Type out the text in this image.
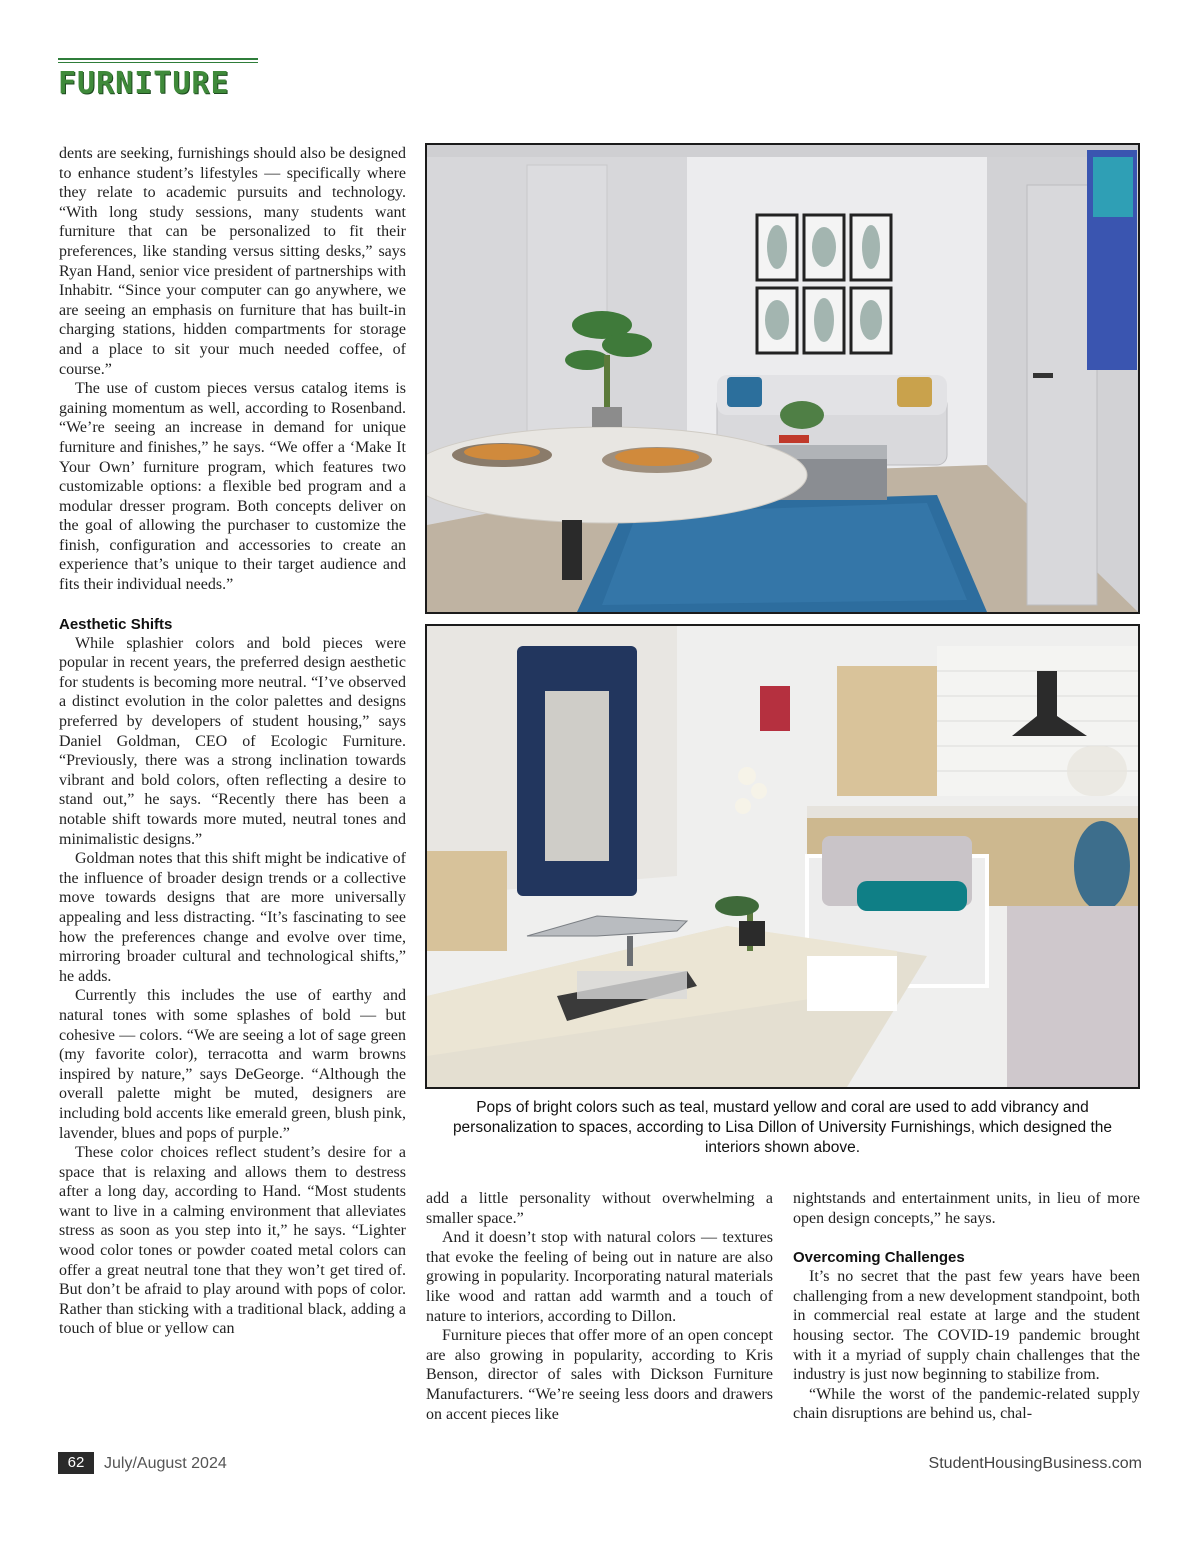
FURNITURE

dents are seeking, furnishings should also be designed to enhance student’s lifestyles — specifically where they relate to academic pursuits and technology. “With long study sessions, many students want furniture that can be personalized to fit their preferences, like standing versus sitting desks,” says Ryan Hand, senior vice president of partnerships with Inhabitr. “Since your computer can go anywhere, we are seeing an emphasis on furniture that has built-in charging stations, hidden compartments for storage and a place to sit your much needed coffee, of course.”

The use of custom pieces versus catalog items is gaining momentum as well, according to Rosenband. “We’re seeing an increase in demand for unique furniture and finishes,” he says. “We offer a ‘Make It Your Own’ furniture program, which features two customizable options: a flexible bed program and a modular dresser program. Both concepts deliver on the goal of allowing the purchaser to customize the finish, configuration and accessories to create an experience that’s unique to their target audience and fits their individual needs.”

Aesthetic Shifts

While splashier colors and bold pieces were popular in recent years, the preferred design aesthetic for students is becoming more neutral. “I’ve observed a distinct evolution in the color palettes and designs preferred by developers of student housing,” says Daniel Goldman, CEO of Ecologic Furniture. “Previously, there was a strong inclination towards vibrant and bold colors, often reflecting a desire to stand out,” he says. “Recently there has been a notable shift towards more muted, neutral tones and minimalistic designs.”

Goldman notes that this shift might be indicative of the influence of broader design trends or a collective move towards designs that are more universally appealing and less distracting. “It’s fascinating to see how the preferences change and evolve over time, mirroring broader cultural and technological shifts,” he adds.

Currently this includes the use of earthy and natural tones with some splashes of bold — but cohesive — colors. “We are seeing a lot of sage green (my favorite color), terracotta and warm browns inspired by nature,” says DeGeorge. “Although the overall palette might be muted, designers are including bold accents like emerald green, blush pink, lavender, blues and pops of purple.”

These color choices reflect student’s desire for a space that is relaxing and allows them to destress after a long day, according to Hand. “Most students want to live in a calming environment that alleviates stress as soon as you step into it,” he says. “Lighter wood color tones or powder coated metal colors can offer a great neutral tone that they won’t get tired of. But don’t be afraid to play around with pops of color. Rather than sticking with a traditional black, adding a touch of blue or yellow can

Pops of bright colors such as teal, mustard yellow and coral are used to add vibrancy and personalization to spaces, according to Lisa Dillon of University Furnishings, which designed the interiors shown above.

add a little personality without overwhelming a smaller space.”

And it doesn’t stop with natural colors — textures that evoke the feeling of being out in nature are also growing in popularity. Incorporating natural materials like wood and rattan add warmth and a touch of nature to interiors, according to Dillon.

Furniture pieces that offer more of an open concept are also growing in popularity, according to Kris Benson, director of sales with Dickson Furniture Manufacturers. “We’re seeing less doors and drawers on accent pieces like

nightstands and entertainment units, in lieu of more open design concepts,” he says.

Overcoming Challenges

It’s no secret that the past few years have been challenging from a new development standpoint, both in commercial real estate at large and the student housing sector. The COVID-19 pandemic brought with it a myriad of supply chain challenges that the industry is just now beginning to stabilize from.

“While the worst of the pandemic-related supply chain disruptions are behind us, chal-

62	July/August 2024	StudentHousingBusiness.com
